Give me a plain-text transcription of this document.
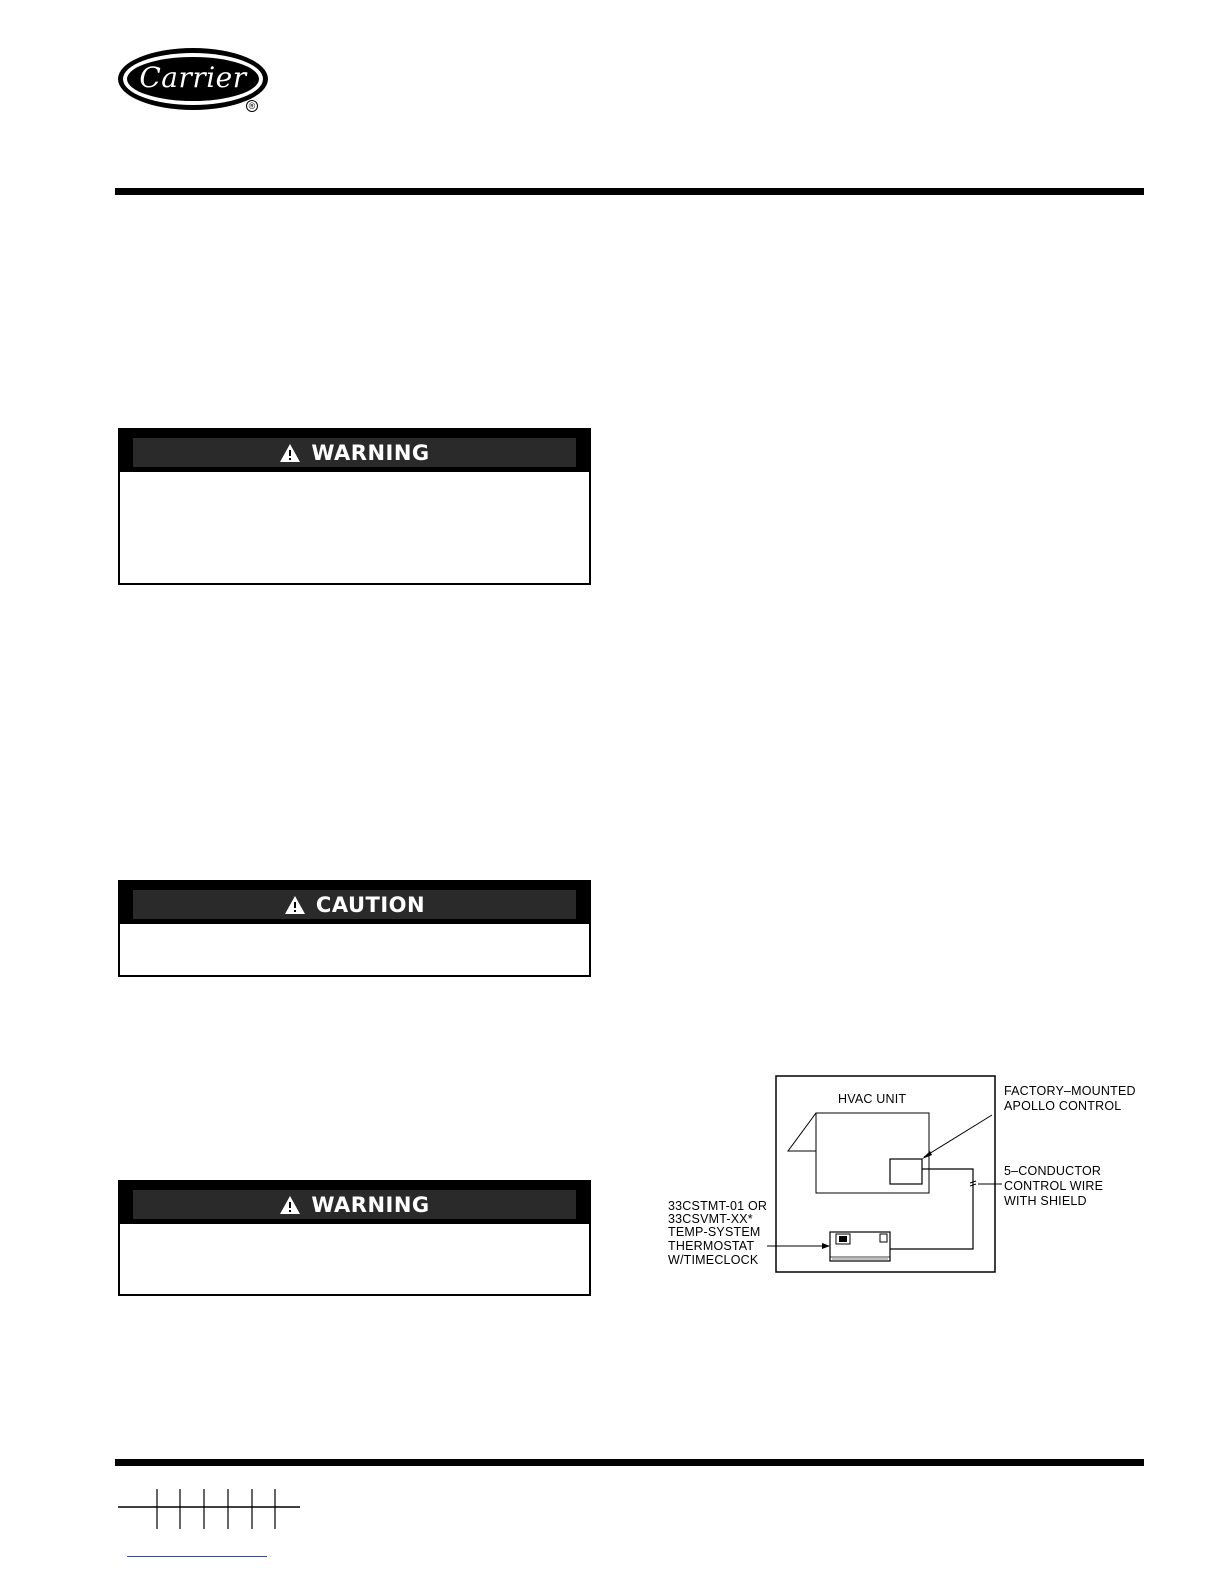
Carrier
®
WARNING
CAUTION
WARNING
HVAC UNIT
FACTORY–MOUNTED
APOLLO CONTROL
5–CONDUCTOR
CONTROL WIRE
WITH SHIELD
33CSTMT-01 OR
33CSVMT-XX*
TEMP-SYSTEM
THERMOSTAT
W/TIMECLOCK
